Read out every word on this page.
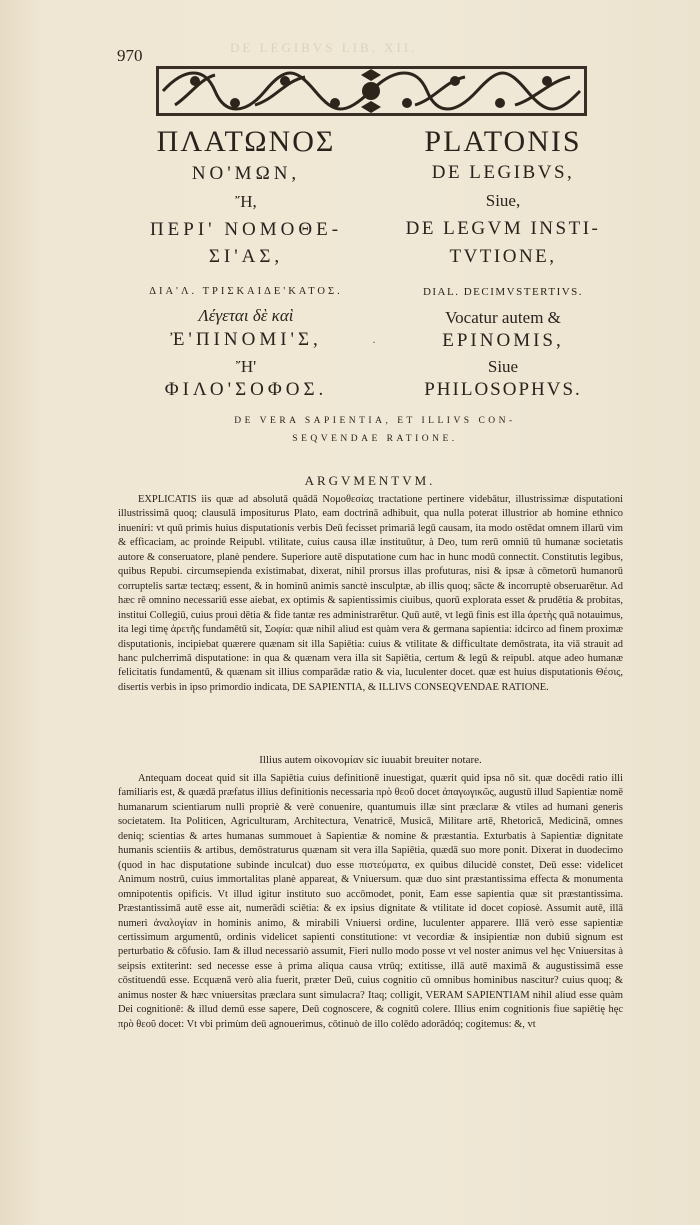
970	DE LEGIBVS LIB. XII.
ΠΛΑΤΩΝΟΣ
ΝΟ'ΜΩΝ,
Ἤ,
ΠΕΡΙ' ΝΟΜΟΘΕ-
ΣΙ'ΑΣ,
ΔΙΑ'Λ. ΤΡΙΣΚΑΙΔΕ'ΚΑΤΟΣ.
Λέγεται δὲ καὶ
Ἐ'ΠΙΝΟΜΙ'Σ,
Ἤ'
ΦΙΛΟ'ΣΟΦΟΣ.
·
PLATONIS
DE LEGIBVS,
Siue,
DE LEGVM INSTI-
TVTIONE,
DIAL. DECIMVSTERTIVS.
Vocatur autem &
EPINOMIS,
Siue
PHILOSOPHVS.
DE VERA SAPIENTIA, ET ILLIVS CON-
SEQVENDAE RATIONE.
ARGVMENTVM.

EXPLICATIS iis quæ ad absolutā quādā Νομοθεσίας tractatione pertinere videbātur, illustrissimæ disputationi illustrissimā quoq; clausulā impositurus Plato, eam doctrinā adhibuit, qua nulla poterat illustrior ab homine ethnico inueniri: vt quū primis huius disputationis verbis Deū fecisset primariā legū causam, ita modo ostēdat omnem illarū vim & efficaciam, ac proinde Reipubl. vtilitate, cuius causa illæ instituūtur, à Deo, tum rerū omniū tū humanæ societatis autore & conseruatore, planè pendere. Superiore autē disputatione cum hac in hunc modū connectit. Constitutis legibus, quibus Repubi. circumsepienda existimabat, dixerat, nihil prorsus illas profuturas, nisi & ipsæ à cōmetorū humanorū corruptelis sartæ tectæq; essent, & in hominū animis sanctè insculptæ, ab illis quoq; sācte & incorruptè obseruarētur. Ad hæc rē omnino necessariū esse aiebat, ex optimis & sapientissimis ciuibus, quorū explorata esset & prudētia & probitas, institui Collegiū, cuius proui dētia & fide tantæ res administrarētur. Quū autē, vt legū finis est illa ἀρετὴς quā notauimus, ita legi timę ἀρετῆς fundamētū sit, Σοφία: quæ nihil aliud est quàm vera & germana sapientia: idcirco ad finem proximæ disputationis, incipiebat quærere quænam sit illa Sapiētia: cuius & vtilitate & difficultate demōstrata, ita viā strauit ad hanc pulcherrimā disputatione: in qua & quænam vera illa sit Sapiētia, certum & legū & reipubl. atque adeo humanæ felicitatis fundamentū, & quænam sit illius comparādæ ratio & via, luculenter docet. quæ est huius disputationis Θέσις, disertis verbis in ipso primordio indicata, DE SAPIENTIA, & ILLIVS CONSEQVENDAE RATIONE.

Illius autem οἰκονομίαν sic iuuabit breuiter notare.

Antequam doceat quid sit illa Sapiētia cuius definitionē inuestigat, quærit quid ipsa nō sit. quæ docēdi ratio illi familiaris est, & quædā præfatus illius definitionis necessaria πρὸ θεοῦ docet ἀπαγωγικῶς, augustū illud Sapientiæ nomē humanarum scientiarum nulli propriè & verè conuenire, quantumuis illæ sint præclaræ & vtiles ad humani generis societatem. Ita Politicen, Agriculturam, Architectura, Venatricē, Musicā, Militare artē, Rhetoricā, Medicinā, omnes deniq; scientias & artes humanas summouet à Sapientiæ & nomine & præstantia. Exturbatis à Sapientiæ dignitate humanis scientiis & artibus, demōstraturus quænam sit vera illa Sapiētia, quædā suo more ponit. Dixerat in duodecimo (quod in hac disputatione subinde inculcat) duo esse πιστεύματα, ex quibus dilucidè constet, Deū esse: videlicet Animum nostrū, cuius immortalitas planè appareat, & Vniuersum. quæ duo sint præstantissima effecta & monumenta omnipotentis opificis. Vt illud igitur instituto suo accōmodet, ponit, Eam esse sapientia quæ sit præstantissima. Præstantissimā autē esse ait, numerādi sciētia: & ex ipsius dignitate & vtilitate id docet copiosè. Assumit autē, illā numeri ἀναλογίαν in hominis animo, & mirabili Vniuersi ordine, luculenter apparere. Illā verò esse sapientiæ certissimum argumentū, ordinis videlicet sapienti constitutione: vt vecordiæ & insipientiæ non dubiū signum est perturbatio & cōfusio. Iam & illud necessariò assumit, Fieri nullo modo posse vt vel noster animus vel hęc Vniuersitas à seipsis extiterint: sed necesse esse à prima aliqua causa vtrūq; extitisse, illā autē maximā & augustissimā esse cōstituendū esse. Ecquænā verò alia fuerit, præter Deū, cuius cognitio cū omnibus hominibus nascitur? cuius quoq; & animus noster & hæc vniuersitas præclara sunt simulacra? Itaq; colligit, VERAM SAPIENTIAM nihil aliud esse quàm Dei cognitionē: & illud demū esse sapere, Deū cognoscere, & cognitū colere. Illius enim cognitionis fiue sapiētię hęc πρὸ θεοῦ docet: Vt vbi primùm deū agnouerimus, cōtinuò de illo colēdo adorādóq; cogitemus: &, vt
